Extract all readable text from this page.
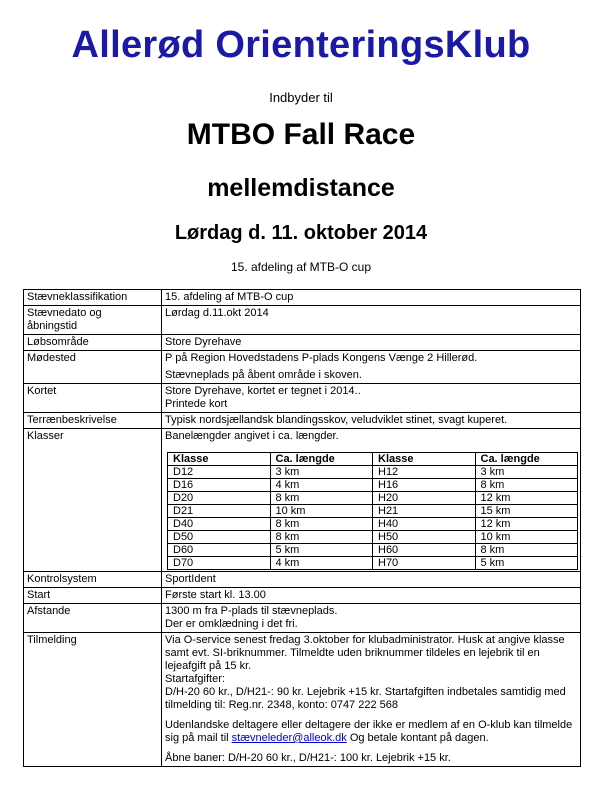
Allerød OrienteringsKlub
Indbyder til
MTBO Fall Race
mellemdistance
Lørdag d. 11. oktober 2014
15. afdeling af MTB-O cup
Stævneklassifikation	15. afdeling af MTB-O cup

Stævnedato og
åbningstid
	Lørdag d.11.okt 2014
Løbsområde	Store Dyrehave
Mødested	P på Region Hovedstadens P-plads Kongens Vænge 2 Hillerød.
Stævneplads på åbent område i skoven.

Kortet	Store Dyrehave, kortet er tegnet i 2014..
Printede kort

Terrænbeskrivelse	Typisk nordsjællandsk blandingsskov, veludviklet stinet, svagt kuperet.
Klasser	Banelængder angivet i ca. længder.
Klasse	Ca. længde	Klasse	Ca. længde
D12	3 km	H12	3 km
D16	4 km	H16	8 km
D20	8 km	H20	12 km
D21	10 km	H21	15 km
D40	8 km	H40	12 km
D50	8 km	H50	10 km
D60	5 km	H60	8 km
D70	4 km	H70	5 km

Kontrolsystem	SportIdent
Start	Første start kl. 13.00
Afstande	1300 m fra P-plads til stævneplads.
Der er omklædning i det fri.

Tilmelding	Via O-service senest fredag 3.oktober for klubadministrator. Husk at angive klasse samt evt. SI-briknummer. Tilmeldte uden briknummer tildeles en lejebrik til en lejeafgift på 15 kr.

Startafgifter:

D/H-20 60 kr., D/H21-: 90 kr. Lejebrik +15 kr. Startafgiften indbetales samtidig med tilmelding til: Reg.nr. 2348, konto: 0747 222 568

Udenlandske deltagere eller deltagere der ikke er medlem af en O-klub kan tilmelde sig på mail til stævneleder@alleok.dk Og betale kontant på dagen.

Åbne baner: D/H-20 60 kr., D/H21-: 100 kr. Lejebrik +15 kr.
